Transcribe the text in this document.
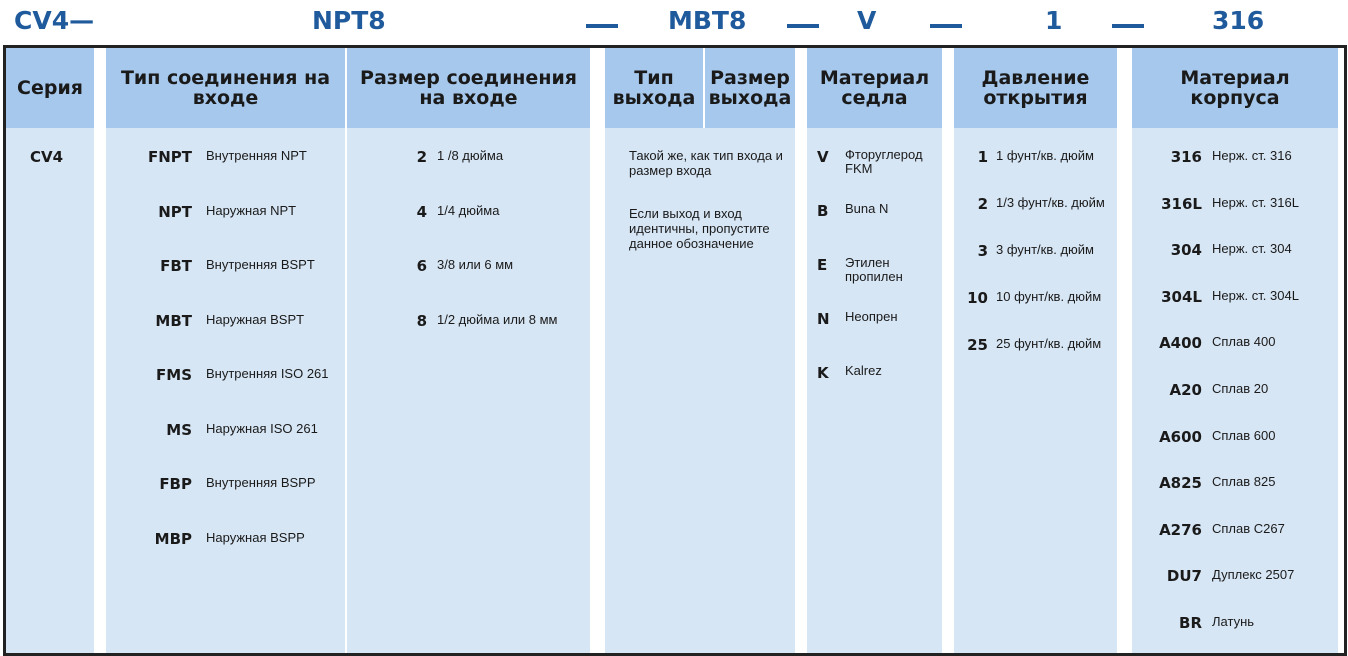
CV4—	NPT8	MBT8	V	1	316
Серия
CV4
Тип соединения на входе
FNPT Внутренняя NPT
NPT Наружная NPT
FBT Внутренняя BSPT
MBT Наружная BSPT
FMS Внутренняя ISO 261
MS Наружная ISO 261
FBP Внутренняя BSPP
MBP Наружная BSPP
Размер соединения на входе
2 1 /8 дюйма
4 1/4 дюйма
6 3/8 или 6 мм
8 1/2 дюйма или 8 мм
Тип выхода
Размер выхода
Такой же, как тип входа и размер входа
Если выход и вход идентичны, пропустите данное обозначение
Материал седла
V Фторуглерод FKM
B Buna N
E Этилен пропилен
N Неопрен
K Kalrez
Давление открытия
1 1 фунт/кв. дюйм
2 1/3 фунт/кв. дюйм
3 3 фунт/кв. дюйм
10 10 фунт/кв. дюйм
25 25 фунт/кв. дюйм
Материал корпуса
316 Нерж. ст. 316
316L Нерж. ст. 316L
304 Нерж. ст. 304
304L Нерж. ст. 304L
A400 Сплав 400
A20 Сплав 20
A600 Сплав 600
A825 Сплав 825
A276 Сплав C267
DU7 Дуплекс 2507
BR Латунь
